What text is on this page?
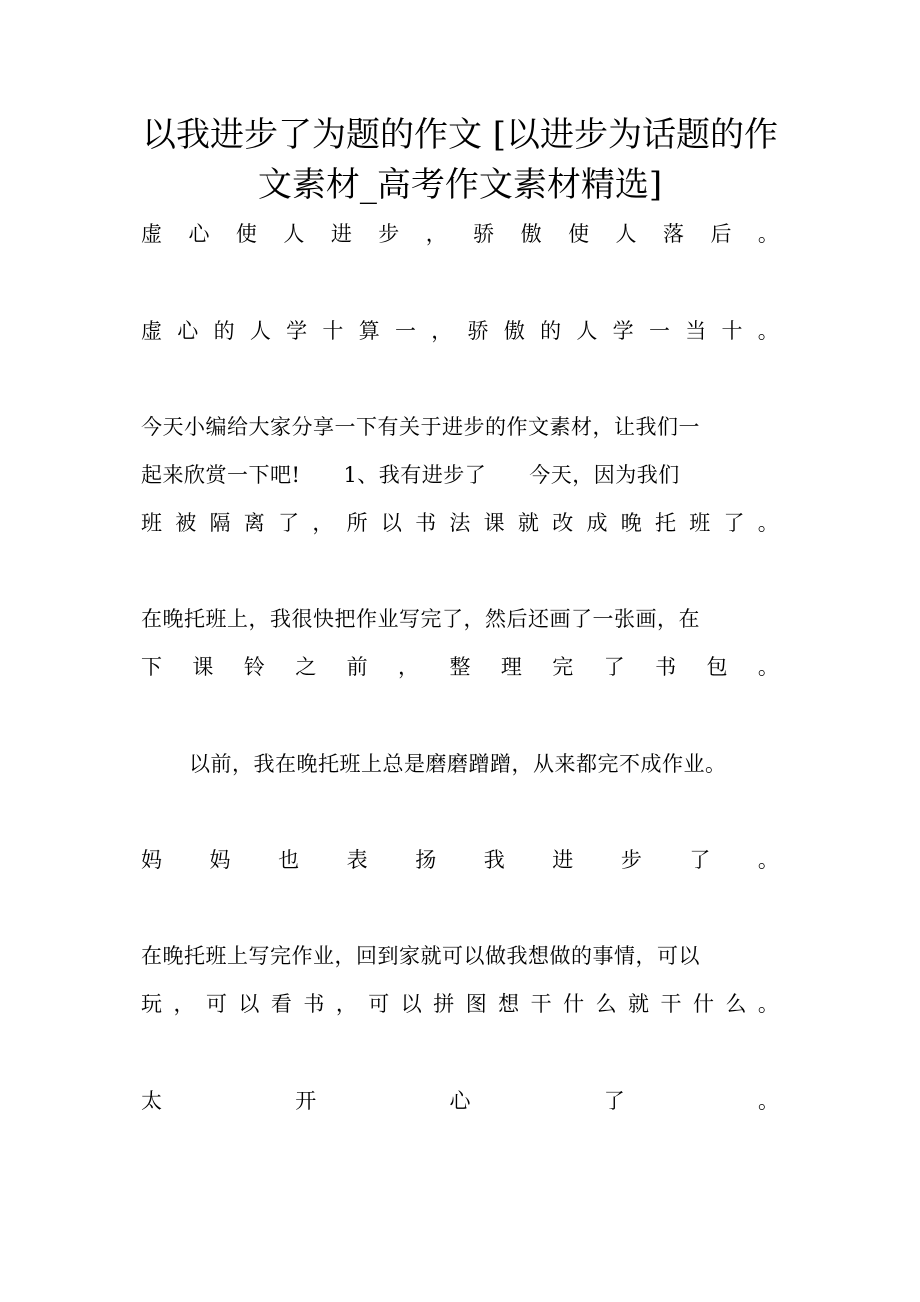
以我进步了为题的作文 [以进步为话题的作
文素材_高考作文素材精选]
虚 心 使 人 进 步 ， 骄 傲 使 人 落 后 。
虚 心 的 人 学 十 算 一 ， 骄 傲 的 人 学 一 当 十 。
今天小编给大家分享一下有关于进步的作文素材，让我们一
起来欣赏一下吧!　　1、我有进步了　　今天，因为我们
班 被 隔 离 了 ， 所 以 书 法 课 就 改 成 晚 托 班 了 。
在晚托班上，我很快把作业写完了，然后还画了一张画，在
下 课 铃 之 前 ， 整 理 完 了 书 包 。
以前，我在晚托班上总是磨磨蹭蹭，从来都完不成作业。
妈 妈 也 表 扬 我 进 步 了 。
在晚托班上写完作业，回到家就可以做我想做的事情，可以
玩 ， 可 以 看 书 ， 可 以 拼 图 想 干 什 么 就 干 什 么 。
太	开	心	了	。
